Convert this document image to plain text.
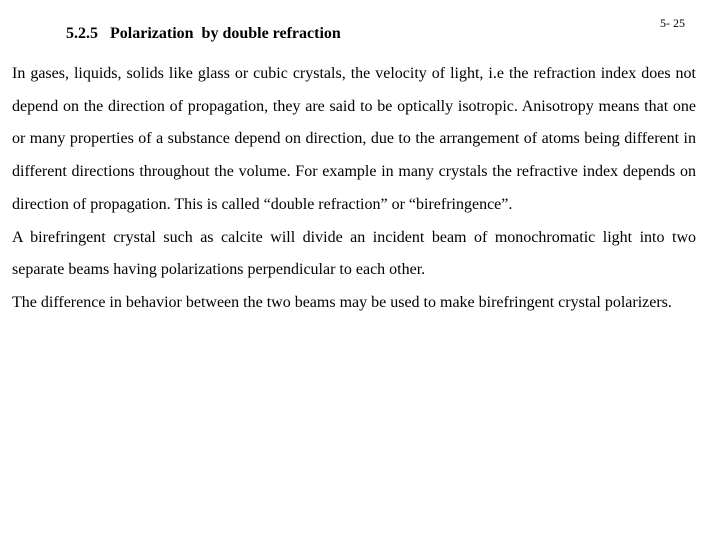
5.2.5   Polarization  by double refraction
5- 25

In gases, liquids, solids like glass or cubic crystals, the velocity of light, i.e the refraction index does not depend on the direction of propagation, they are said to be optically isotropic. Anisotropy means that one or many properties of a substance depend on direction, due to the arrangement of atoms being different in different directions throughout the volume. For example in many crystals the refractive index depends on direction of propagation. This is called “double refraction” or “birefringence”.

A birefringent crystal such as calcite will divide an incident beam of monochromatic light into two separate beams having polarizations perpendicular to each other.

The difference in behavior between the two beams may be used to make birefringent crystal polarizers.
